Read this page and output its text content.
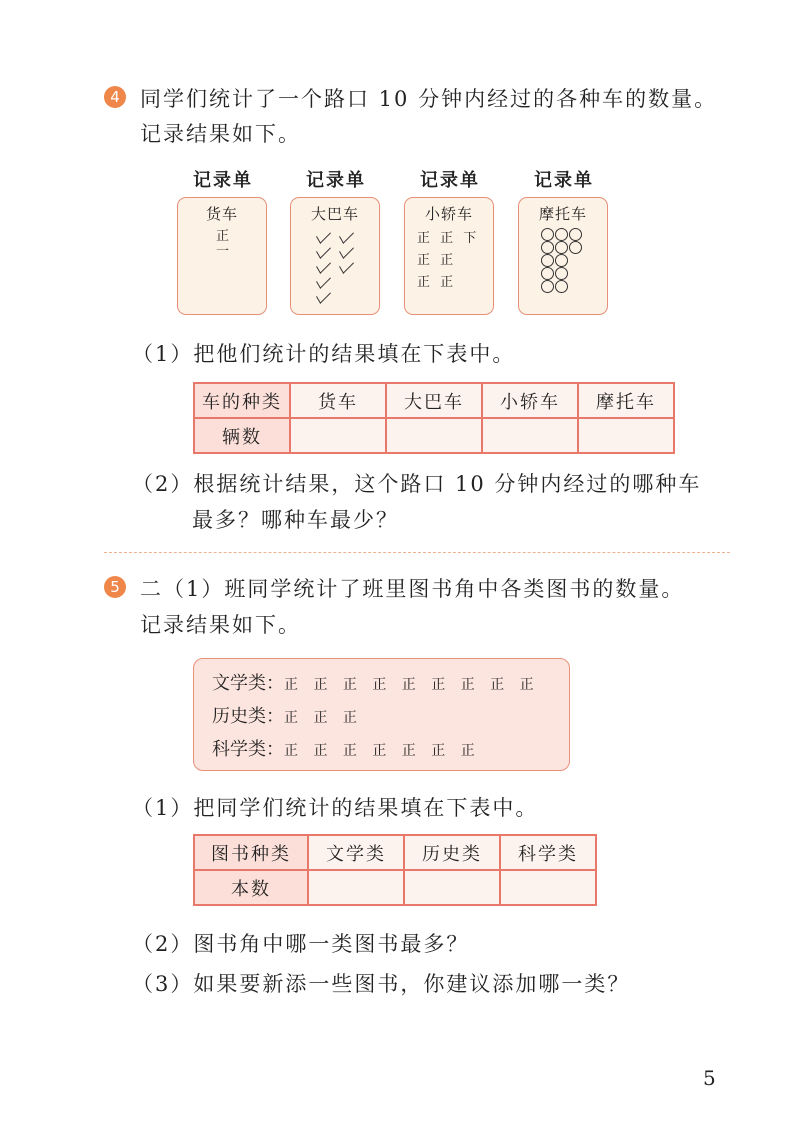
4 同学们统计了一个路口 10 分钟内经过的各种车的数量。
记录结果如下。
记录单
货车
正
一
记录单
大巴车
记录单
小轿车
正 正 下
正 正
正 正
记录单
摩托车
（1）把他们统计的结果填在下表中。
车的种类	货车	大巴车	小轿车	摩托车
辆数				
（2）根据统计结果，这个路口 10 分钟内经过的哪种车
最多？哪种车最少？
5 二（1）班同学统计了班里图书角中各类图书的数量。
记录结果如下。
文学类：正 正 正 正 正 正 正 正 正
历史类：正 正 正
科学类：正 正 正 正 正 正 正
（1）把同学们统计的结果填在下表中。
图书种类	文学类	历史类	科学类
本数			
（2）图书角中哪一类图书最多？
（3）如果要新添一些图书，你建议添加哪一类？
5
